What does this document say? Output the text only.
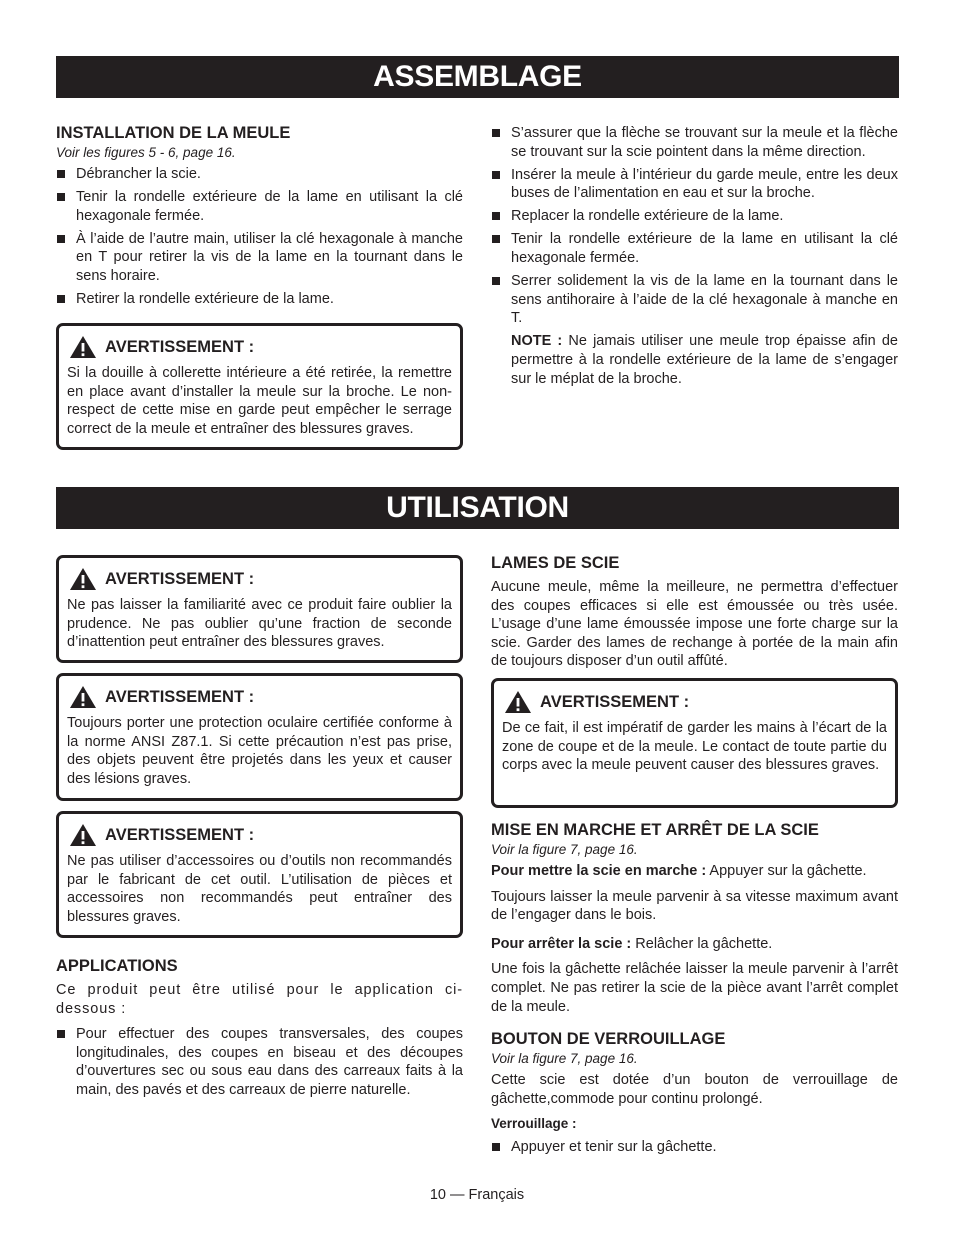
ASSEMBLAGE
INSTALLATION DE LA MEULE
Voir les figures 5 - 6, page 16.
Débrancher la scie.
Tenir la rondelle extérieure de la lame en utilisant la clé hexagonale fermée.
À l’aide de l’autre main, utiliser la clé hexagonale à manche en T pour retirer la vis de la lame en la tournant dans le sens horaire.
Retirer la rondelle extérieure de la lame.
AVERTISSEMENT :

Si la douille à collerette intérieure a été retirée, la remettre en place avant d’installer la meule sur la broche. Le non-respect de cette mise en garde peut empêcher le serrage correct de la meule et entraîner des blessures graves.

S’assurer que la flèche se trouvant sur la meule et la flèche se trouvant sur la scie pointent dans la même direction.
Insérer la meule à l’intérieur du garde meule, entre les deux buses de l’alimentation en eau et sur la broche.
Replacer la rondelle extérieure de la lame.
Tenir la rondelle extérieure de la lame en utilisant la clé hexagonale fermée.
Serrer solidement la vis de la lame en la tournant dans le sens antihoraire à l’aide de la clé hexagonale à manche en T.
NOTE : Ne jamais utiliser une meule trop épaisse afin de permettre à la rondelle extérieure de la lame de s’engager sur le méplat de la broche.
UTILISATION
AVERTISSEMENT :

Ne pas laisser la familiarité avec ce produit faire oublier la prudence. Ne pas oublier qu’une fraction de seconde d’inattention peut entraîner des blessures graves.

AVERTISSEMENT :

Toujours porter une protection oculaire certifiée conforme à la norme ANSI Z87.1. Si cette précaution n’est pas prise, des objets peuvent être projetés dans les yeux et causer des lésions graves.

AVERTISSEMENT :

Ne pas utiliser d’accessoires ou d’outils non recommandés par le fabricant de cet outil. L’utilisation de pièces et accessoires non recommandés peut entraîner des blessures graves.

APPLICATIONS

Ce produit peut être utilisé pour le application ci-dessous :

Pour effectuer des coupes transversales, des coupes longitudinales, des coupes en biseau et des découpes d’ouvertures sec ou sous eau dans des carreaux faits à la main, des pavés et des carreaux de pierre naturelle.
LAMES DE SCIE

Aucune meule, même la meilleure, ne permettra d’effectuer des coupes efficaces si elle est émoussée ou très usée. L’usage d’une lame émoussée impose une forte charge sur la scie. Garder des lames de rechange à portée de la main afin de toujours disposer d’un outil affûté.

AVERTISSEMENT :

De ce fait, il est impératif de garder les mains à l’écart de la zone de coupe et de la meule. Le contact de toute partie du corps avec la meule peuvent causer des blessures graves.

MISE EN MARCHE ET ARRÊT DE LA SCIE
Voir la figure 7, page 16.

Pour mettre la scie en marche : Appuyer sur la gâchette.

Toujours laisser la meule parvenir à sa vitesse maximum avant de l’engager dans le bois.

Pour arrêter la scie : Relâcher la gâchette.

Une fois la gâchette relâchée laisser la meule parvenir à l’arrêt complet. Ne pas retirer la scie de la pièce avant l’arrêt complet de la meule.

BOUTON DE VERROUILLAGE
Voir la figure 7, page 16.

Cette scie est dotée d’un bouton de verrouillage de gâchette,commode pour continu prolongé.

Verrouillage :

Appuyer et tenir sur la gâchette.
10 — Français
